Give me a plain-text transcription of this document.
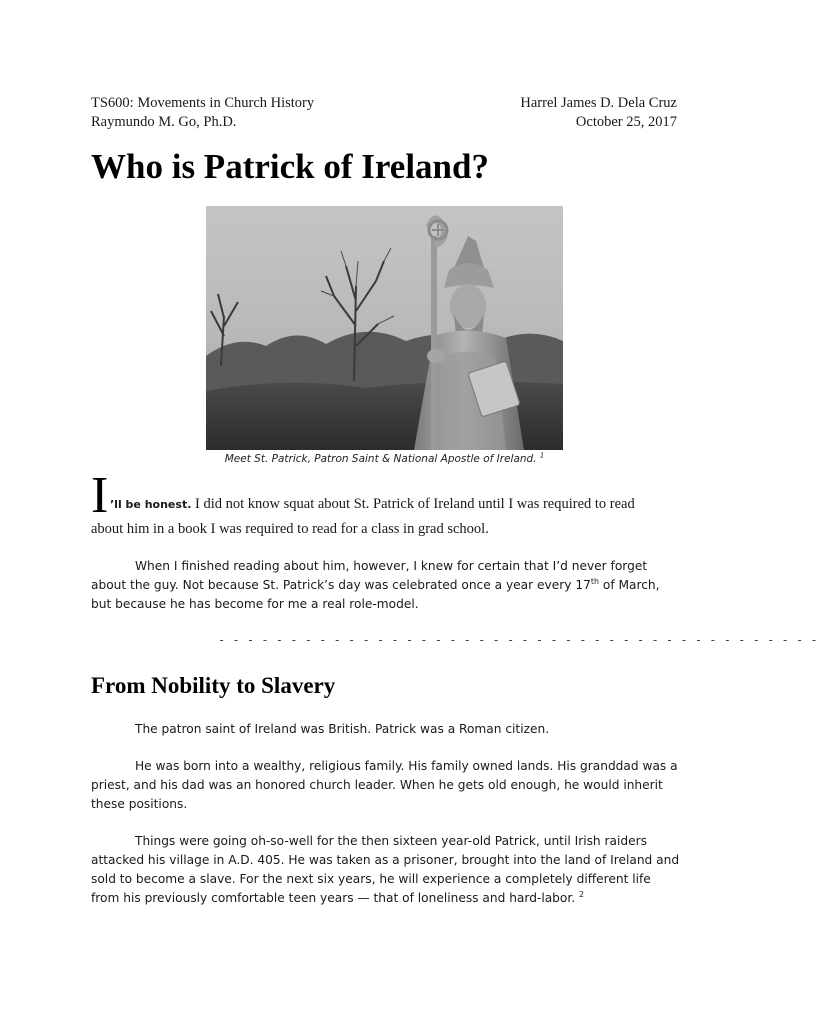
TS600: Movements in Church History
Raymundo M. Go, Ph.D.
Harrel James D. Dela Cruz
October 25, 2017
Who is Patrick of Ireland?
Meet St. Patrick, Patron Saint & National Apostle of Ireland. $^1$
I ’ll be honest. I did not know squat about St. Patrick of Ireland until I was required to read
about him in a book I was required to read for a class in grad school.
When I finished reading about him, however, I knew for certain that I’d never forget
about the guy. Not because St. Patrick’s day was celebrated once a year every 17th of March,
but because he has become for me a real role-model.
- - - - - - - - - - - - - - - - - - - - - - - - - - - - - - - - - - - - - - - - - -
From Nobility to Slavery
The patron saint of Ireland was British. Patrick was a Roman citizen.
He was born into a wealthy, religious family. His family owned lands. His granddad was a
priest, and his dad was an honored church leader. When he gets old enough, he would inherit
these positions.
Things were going oh-so-well for the then sixteen year-old Patrick, until Irish raiders
attacked his village in A.D. 405. He was taken as a prisoner, brought into the land of Ireland and
sold to become a slave. For the next six years, he will experience a completely different life
from his previously comfortable teen years — that of loneliness and hard-labor. $^2$
